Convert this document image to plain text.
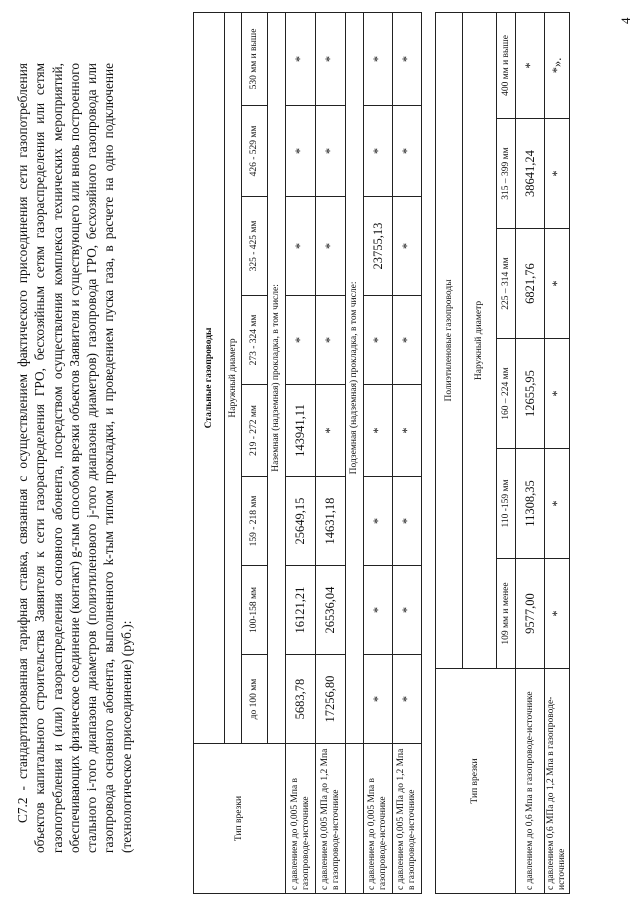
4
С7.2 - стандартизированная тарифная ставка, связанная с осуществлением фактического присоединения сети газопотребления объектов капитального строительства Заявителя к сети газораспределения ГРО, бесхозяйным сетям газораспределения или сетям газопотребления и (или) газораспределения основного абонента, посредством осуществления комплекса технических мероприятий, обеспечивающих физическое соединение (контакт) g-тым способом врезки объектов Заявителя и существующего или вновь построенного стального i-того диапазона диаметров (полиэтиленового j-того диапазона диаметров) газопровода ГРО, бесхозяйного газопровода или газопровода основного абонента, выполненного k-тым типом прокладки, и проведением пуска газа, в расчете на одно подключение (технологическое присоединение) (руб.):	Тип врезки	Стальные газопроводы							
	Наружный диаметр							
	до 100 мм	100-158 мм	159 - 218 мм	219 - 272 мм	273 - 324 мм	325 - 425 мм	426 - 529 мм	530 мм и выше
	Наземная (надземная) прокладка, в том числе:							
с давлением до 0,005 Мпа в газопроводе-источнике	5683,78	16121,21	25649,15	143941,11	*	*	*	*
с давлением 0,005 МПа до 1,2 Мпа в газопроводе-источнике	17256,80	26536,04	14631,18	*	*	*	*	*
	Подземная (надземная) прокладка, в том числе:							
с давлением до 0,005 Мпа в газопроводе-источнике	*	*	*	*	*	23755,13	*	*
с давлением 0,005 МПа до 1,2 Мпа в газопроводе-источнике	*	*	*	*	*	*	*	*
Тип врезки	Полиэтиленовые газопроводы					
	Наружный диаметр					
	109 мм и менее	110 -159 мм	160 – 224 мм	225 – 314 мм	315 – 399 мм	400 мм и выше
с давлением до 0,6 Мпа в газопроводе-источнике	9577,00	11308,35	12655,95	6821,76	38641,24	*
с давлением 0,6 МПа до 1,2 Мпа в газопроводе-источнике	*	*	*	*	*	*».
